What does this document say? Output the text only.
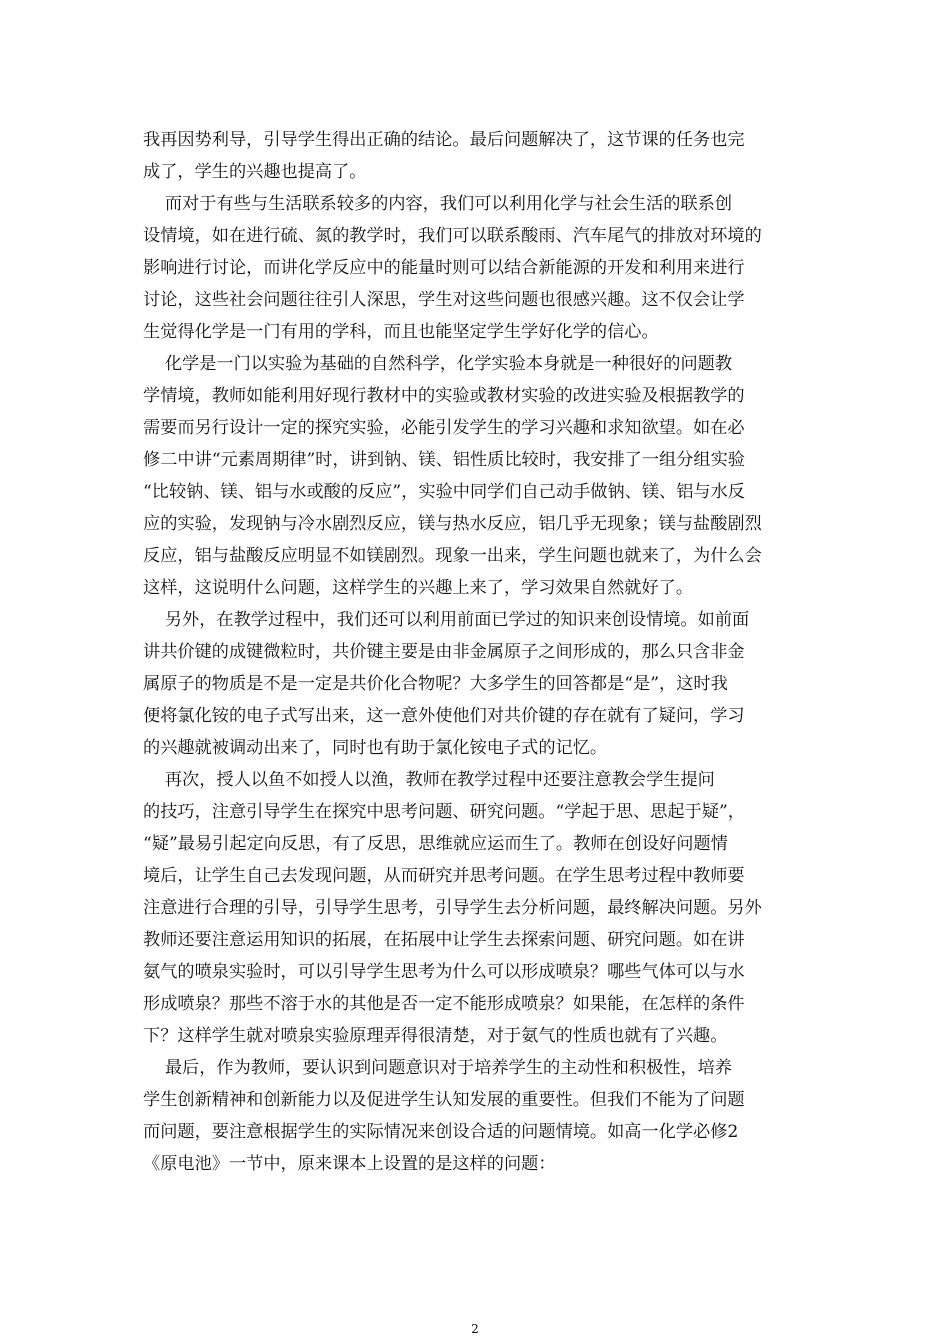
我再因势利导，引导学生得出正确的结论。最后问题解决了，这节课的任务也完
成了，学生的兴趣也提高了。
而对于有些与生活联系较多的内容，我们可以利用化学与社会生活的联系创
设情境，如在进行硫、氮的教学时，我们可以联系酸雨、汽车尾气的排放对环境的
影响进行讨论，而讲化学反应中的能量时则可以结合新能源的开发和利用来进行
讨论，这些社会问题往往引人深思，学生对这些问题也很感兴趣。这不仅会让学
生觉得化学是一门有用的学科，而且也能坚定学生学好化学的信心。
化学是一门以实验为基础的自然科学，化学实验本身就是一种很好的问题教
学情境，教师如能利用好现行教材中的实验或教材实验的改进实验及根据教学的
需要而另行设计一定的探究实验，必能引发学生的学习兴趣和求知欲望。如在必
修二中讲“元素周期律”时，讲到钠、镁、铝性质比较时，我安排了一组分组实验
“比较钠、镁、铝与水或酸的反应”，实验中同学们自己动手做钠、镁、铝与水反
应的实验，发现钠与冷水剧烈反应，镁与热水反应，铝几乎无现象；镁与盐酸剧烈
反应，铝与盐酸反应明显不如镁剧烈。现象一出来，学生问题也就来了，为什么会
这样，这说明什么问题，这样学生的兴趣上来了，学习效果自然就好了。
另外，在教学过程中，我们还可以利用前面已学过的知识来创设情境。如前面
讲共价键的成键微粒时，共价键主要是由非金属原子之间形成的，那么只含非金
属原子的物质是不是一定是共价化合物呢？大多学生的回答都是“是”，这时我
便将氯化铵的电子式写出来，这一意外使他们对共价键的存在就有了疑问，学习
的兴趣就被调动出来了，同时也有助于氯化铵电子式的记忆。
再次，授人以鱼不如授人以渔，教师在教学过程中还要注意教会学生提问
的技巧，注意引导学生在探究中思考问题、研究问题。“学起于思、思起于疑”，
“疑”最易引起定向反思，有了反思，思维就应运而生了。教师在创设好问题情
境后，让学生自己去发现问题，从而研究并思考问题。在学生思考过程中教师要
注意进行合理的引导，引导学生思考，引导学生去分析问题，最终解决问题。另外
教师还要注意运用知识的拓展，在拓展中让学生去探索问题、研究问题。如在讲
氨气的喷泉实验时，可以引导学生思考为什么可以形成喷泉？哪些气体可以与水
形成喷泉？那些不溶于水的其他是否一定不能形成喷泉？如果能，在怎样的条件
下？这样学生就对喷泉实验原理弄得很清楚，对于氨气的性质也就有了兴趣。
最后，作为教师，要认识到问题意识对于培养学生的主动性和积极性，培养
学生创新精神和创新能力以及促进学生认知发展的重要性。但我们不能为了问题
而问题，要注意根据学生的实际情况来创设合适的问题情境。如高一化学必修2
《原电池》一节中，原来课本上设置的是这样的问题：
2
